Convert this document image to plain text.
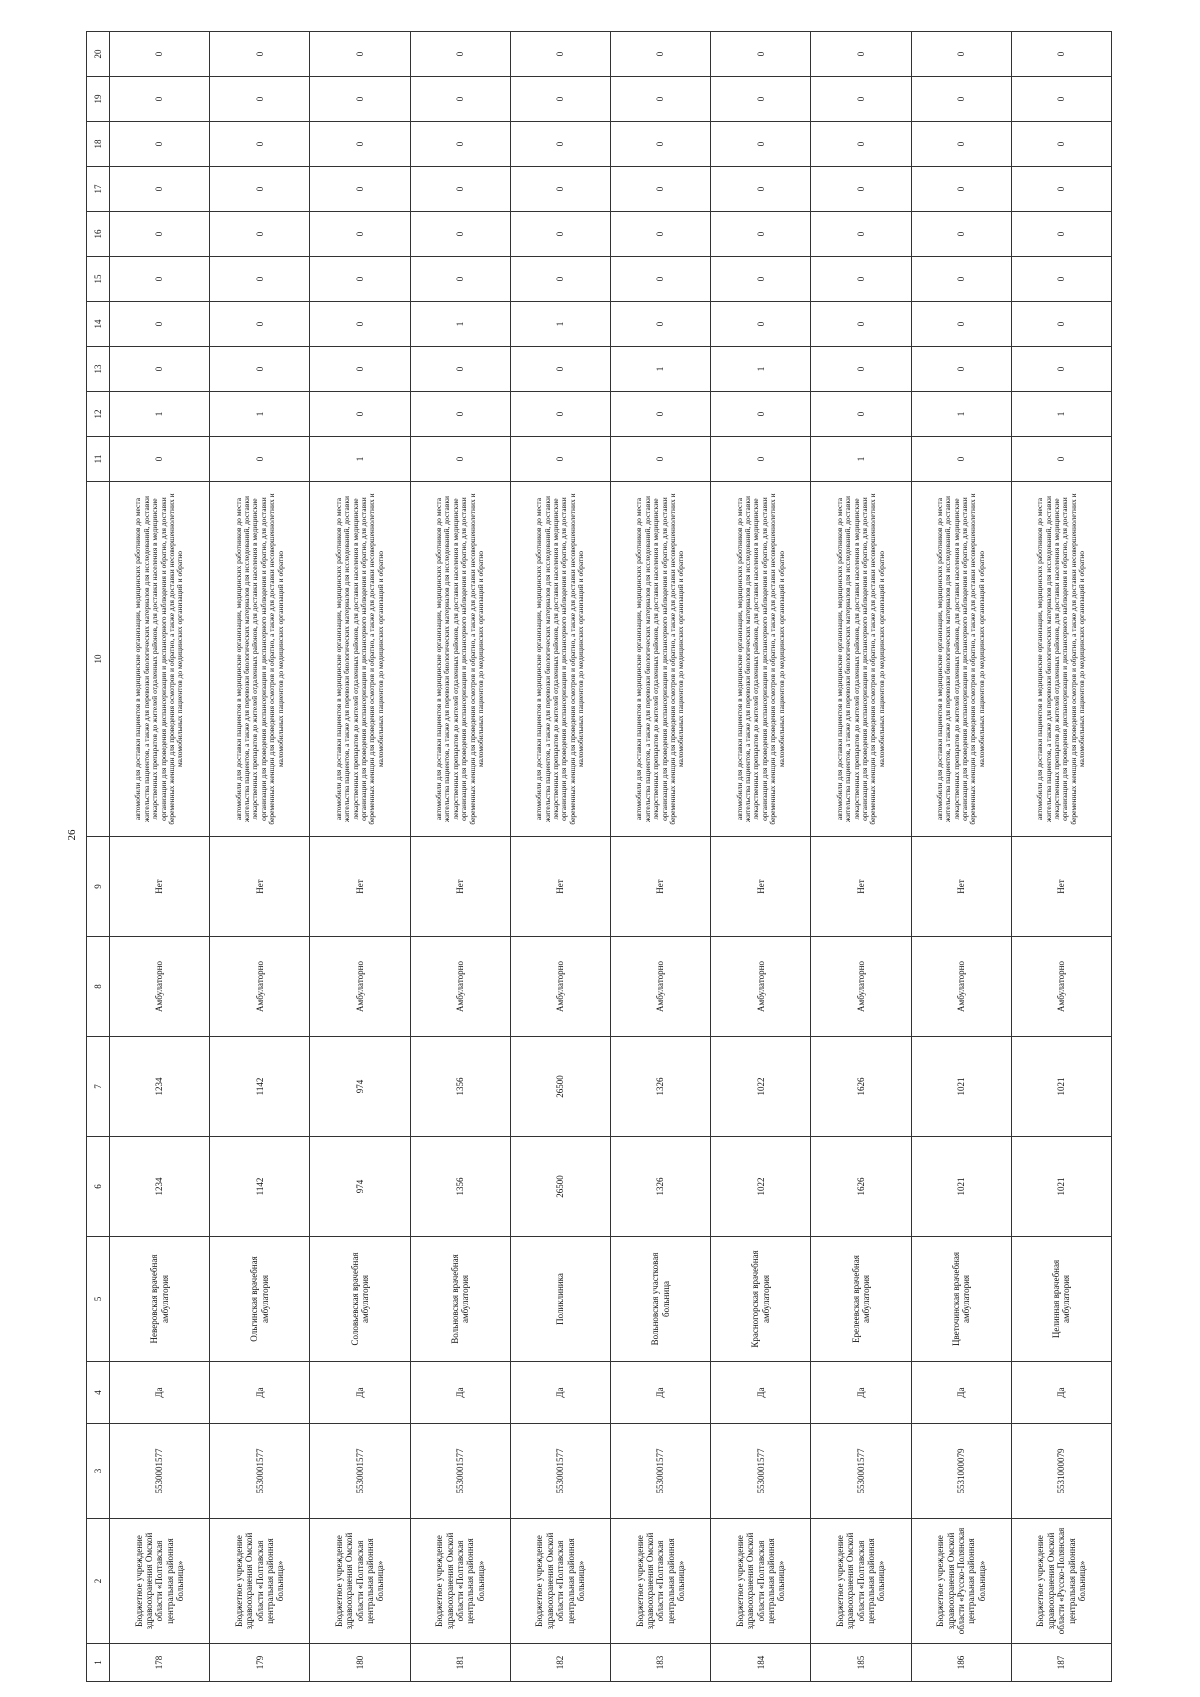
26
1	2	3	4	5	6	7	8	9	10	11	12	13	14	15	16	17	18	19	20
178	Бюджетное учреждение здравоохранения Омской области «Полтавская центральная районная больница»	5530001577	Да	Неверовская врачебная амбулатория	1234	1234	Амбулаторно	Нет	автомобили для доставки пациентов в медицинские организации, медицинских работников до места жительства пациентов, а также для перевозки биологических материалов для исследований, доставки лекарственных препаратов до жителей отдаленных районов, для доставки населения в медицинские организации для проведения диспансеризации и диспансерного наблюдения и обратно, для доставки беременных женщин для проведения осмотров и обратно, а также для доставки несовершеннолетних и маломобильных пациентов до медицинских организаций и обратно	0	1	0	0	0	0	0	0	0	0
179	Бюджетное учреждение здравоохранения Омской области «Полтавская центральная районная больница»	5530001577	Да	Ольгинская врачебная амбулатория	1142	1142	Амбулаторно	Нет	автомобили для доставки пациентов в медицинские организации, медицинских работников до места жительства пациентов, а также для перевозки биологических материалов для исследований, доставки лекарственных препаратов до жителей отдаленных районов, для доставки населения в медицинские организации для проведения диспансеризации и диспансерного наблюдения и обратно, для доставки беременных женщин для проведения осмотров и обратно, а также для доставки несовершеннолетних и маломобильных пациентов до медицинских организаций и обратно	0	1	0	0	0	0	0	0	0	0
180	Бюджетное учреждение здравоохранения Омской области «Полтавская центральная районная больница»	5530001577	Да	Соловьевская врачебная амбулатория	974	974	Амбулаторно	Нет	автомобили для доставки пациентов в медицинские организации, медицинских работников до места жительства пациентов, а также для перевозки биологических материалов для исследований, доставки лекарственных препаратов до жителей отдаленных районов, для доставки населения в медицинские организации для проведения диспансеризации и диспансерного наблюдения и обратно, для доставки беременных женщин для проведения осмотров и обратно, а также для доставки несовершеннолетних и маломобильных пациентов до медицинских организаций и обратно	1	0	0	0	0	0	0	0	0	0
181	Бюджетное учреждение здравоохранения Омской области «Полтавская центральная районная больница»	5530001577	Да	Вольновская врачебная амбулатория	1356	1356	Амбулаторно	Нет	автомобили для доставки пациентов в медицинские организации, медицинских работников до места жительства пациентов, а также для перевозки биологических материалов для исследований, доставки лекарственных препаратов до жителей отдаленных районов, для доставки населения в медицинские организации для проведения диспансеризации и диспансерного наблюдения и обратно, для доставки беременных женщин для проведения осмотров и обратно, а также для доставки несовершеннолетних и маломобильных пациентов до медицинских организаций и обратно	0	0	0	1	0	0	0	0	0	0
182	Бюджетное учреждение здравоохранения Омской области «Полтавская центральная районная больница»	5530001577	Да	Поликлиника	26500	26500	Амбулаторно	Нет	автомобили для доставки пациентов в медицинские организации, медицинских работников до места жительства пациентов, а также для перевозки биологических материалов для исследований, доставки лекарственных препаратов до жителей отдаленных районов, для доставки населения в медицинские организации для проведения диспансеризации и диспансерного наблюдения и обратно, для доставки беременных женщин для проведения осмотров и обратно, а также для доставки несовершеннолетних и маломобильных пациентов до медицинских организаций и обратно	0	0	0	1	0	0	0	0	0	0
183	Бюджетное учреждение здравоохранения Омской области «Полтавская центральная районная больница»	5530001577	Да	Вольновская участковая больница	1326	1326	Амбулаторно	Нет	автомобили для доставки пациентов в медицинские организации, медицинских работников до места жительства пациентов, а также для перевозки биологических материалов для исследований, доставки лекарственных препаратов до жителей отдаленных районов, для доставки населения в медицинские организации для проведения диспансеризации и диспансерного наблюдения и обратно, для доставки беременных женщин для проведения осмотров и обратно, а также для доставки несовершеннолетних и маломобильных пациентов до медицинских организаций и обратно	0	0	1	0	0	0	0	0	0	0
184	Бюджетное учреждение здравоохранения Омской области «Полтавская центральная районная больница»	5530001577	Да	Красногорская врачебная амбулатория	1022	1022	Амбулаторно	Нет	автомобили для доставки пациентов в медицинские организации, медицинских работников до места жительства пациентов, а также для перевозки биологических материалов для исследований, доставки лекарственных препаратов до жителей отдаленных районов, для доставки населения в медицинские организации для проведения диспансеризации и диспансерного наблюдения и обратно, для доставки беременных женщин для проведения осмотров и обратно, а также для доставки несовершеннолетних и маломобильных пациентов до медицинских организаций и обратно	0	0	1	0	0	0	0	0	0	0
185	Бюджетное учреждение здравоохранения Омской области «Полтавская центральная районная больница»	5530001577	Да	Ерелеевская врачебная амбулатория	1626	1626	Амбулаторно	Нет	автомобили для доставки пациентов в медицинские организации, медицинских работников до места жительства пациентов, а также для перевозки биологических материалов для исследований, доставки лекарственных препаратов до жителей отдаленных районов, для доставки населения в медицинские организации для проведения диспансеризации и диспансерного наблюдения и обратно, для доставки беременных женщин для проведения осмотров и обратно, а также для доставки несовершеннолетних и маломобильных пациентов до медицинских организаций и обратно	1	0	0	0	0	0	0	0	0	0
186	Бюджетное учреждение здравоохранения Омской области «Русско-Полянская центральная районная больница»	5531000079	Да	Цветочинская врачебная амбулатория	1021	1021	Амбулаторно	Нет	автомобили для доставки пациентов в медицинские организации, медицинских работников до места жительства пациентов, а также для перевозки биологических материалов для исследований, доставки лекарственных препаратов до жителей отдаленных районов, для доставки населения в медицинские организации для проведения диспансеризации и диспансерного наблюдения и обратно, для доставки беременных женщин для проведения осмотров и обратно, а также для доставки несовершеннолетних и маломобильных пациентов до медицинских организаций и обратно	0	1	0	0	0	0	0	0	0	0
187	Бюджетное учреждение здравоохранения Омской области «Русско-Полянская центральная районная больница»	5531000079	Да	Целинная врачебная амбулатория	1021	1021	Амбулаторно	Нет	автомобили для доставки пациентов в медицинские организации, медицинских работников до места жительства пациентов, а также для перевозки биологических материалов для исследований, доставки лекарственных препаратов до жителей отдаленных районов, для доставки населения в медицинские организации для проведения диспансеризации и диспансерного наблюдения и обратно, для доставки беременных женщин для проведения осмотров и обратно, а также для доставки несовершеннолетних и маломобильных пациентов до медицинских организаций и обратно	0	1	0	0	0	0	0	0	0	0
